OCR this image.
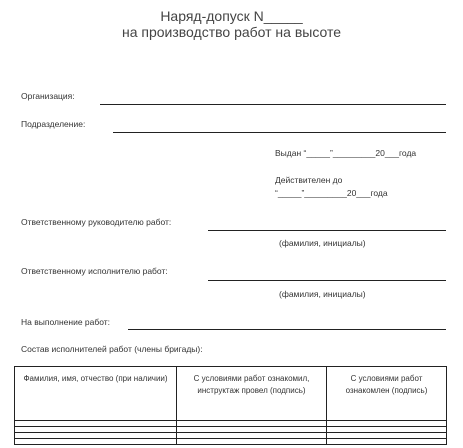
Наряд-допуск N_____
на производство работ на высоте
Организация:
Подразделение:
Выдан “_____”_________20___года
Действителен до
“_____”_________20___года
Ответственному руководителю работ:
(фамилия, инициалы)
Ответственному исполнителю работ:
(фамилия, инициалы)
На выполнение работ:
Состав исполнителей работ (члены бригады):
Фамилия, имя, отчество (при наличии)	С условиями работ ознакомил, инструктаж провел (подпись)	С условиями работ ознакомлен (подпись)
